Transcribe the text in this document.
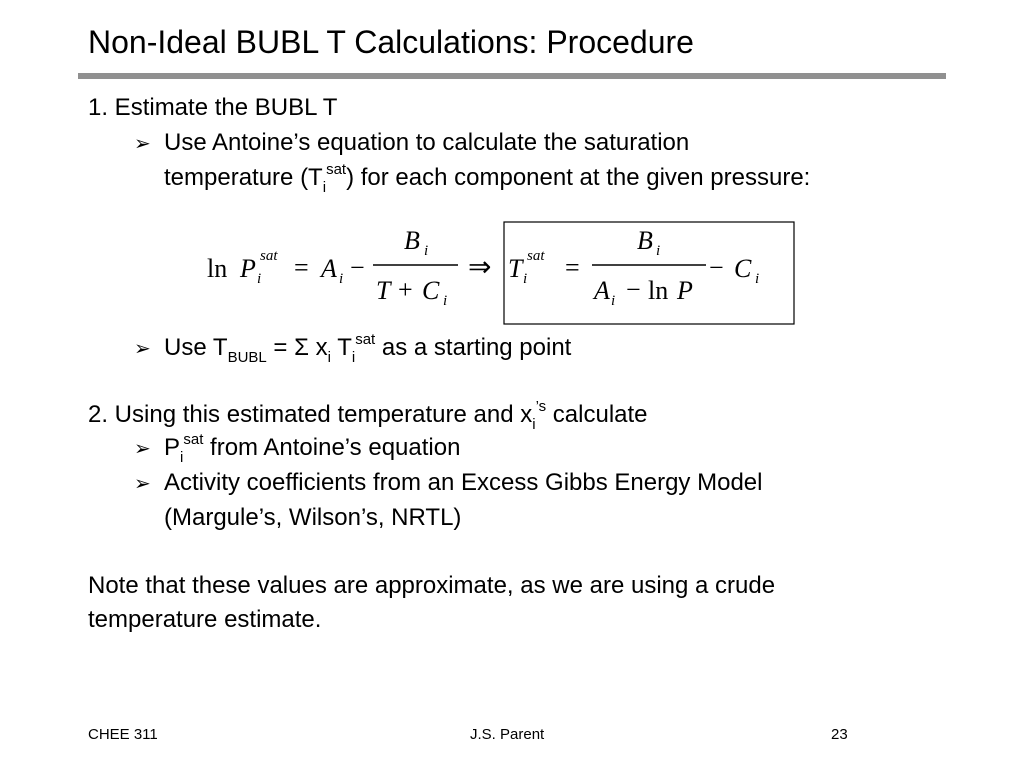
Non-Ideal BUBL T Calculations: Procedure
1. Estimate the BUBL T
➢ Use Antoine’s equation to calculate the saturation
temperature $(T_i^{sat})$ for each component at the given pressure:
ln P sat
i = A i −
B i
T + C i
⇒ T sat
i =
B i
A i − ln P
− C i
➢ Use $T_{BUBL} = \Sigma$ $x_i$ $T_i^{sat}$ as a starting point
2. Using this estimated temperature and $x_i^{’s}$ calculate
➢ $P_i^{sat}$ from Antoine’s equation
➢ Activity coefficients from an Excess Gibbs Energy Model
(Margule’s, Wilson’s, NRTL)
Note that these values are approximate, as we are using a crude
temperature estimate.
CHEE 311	J.S. Parent	23
